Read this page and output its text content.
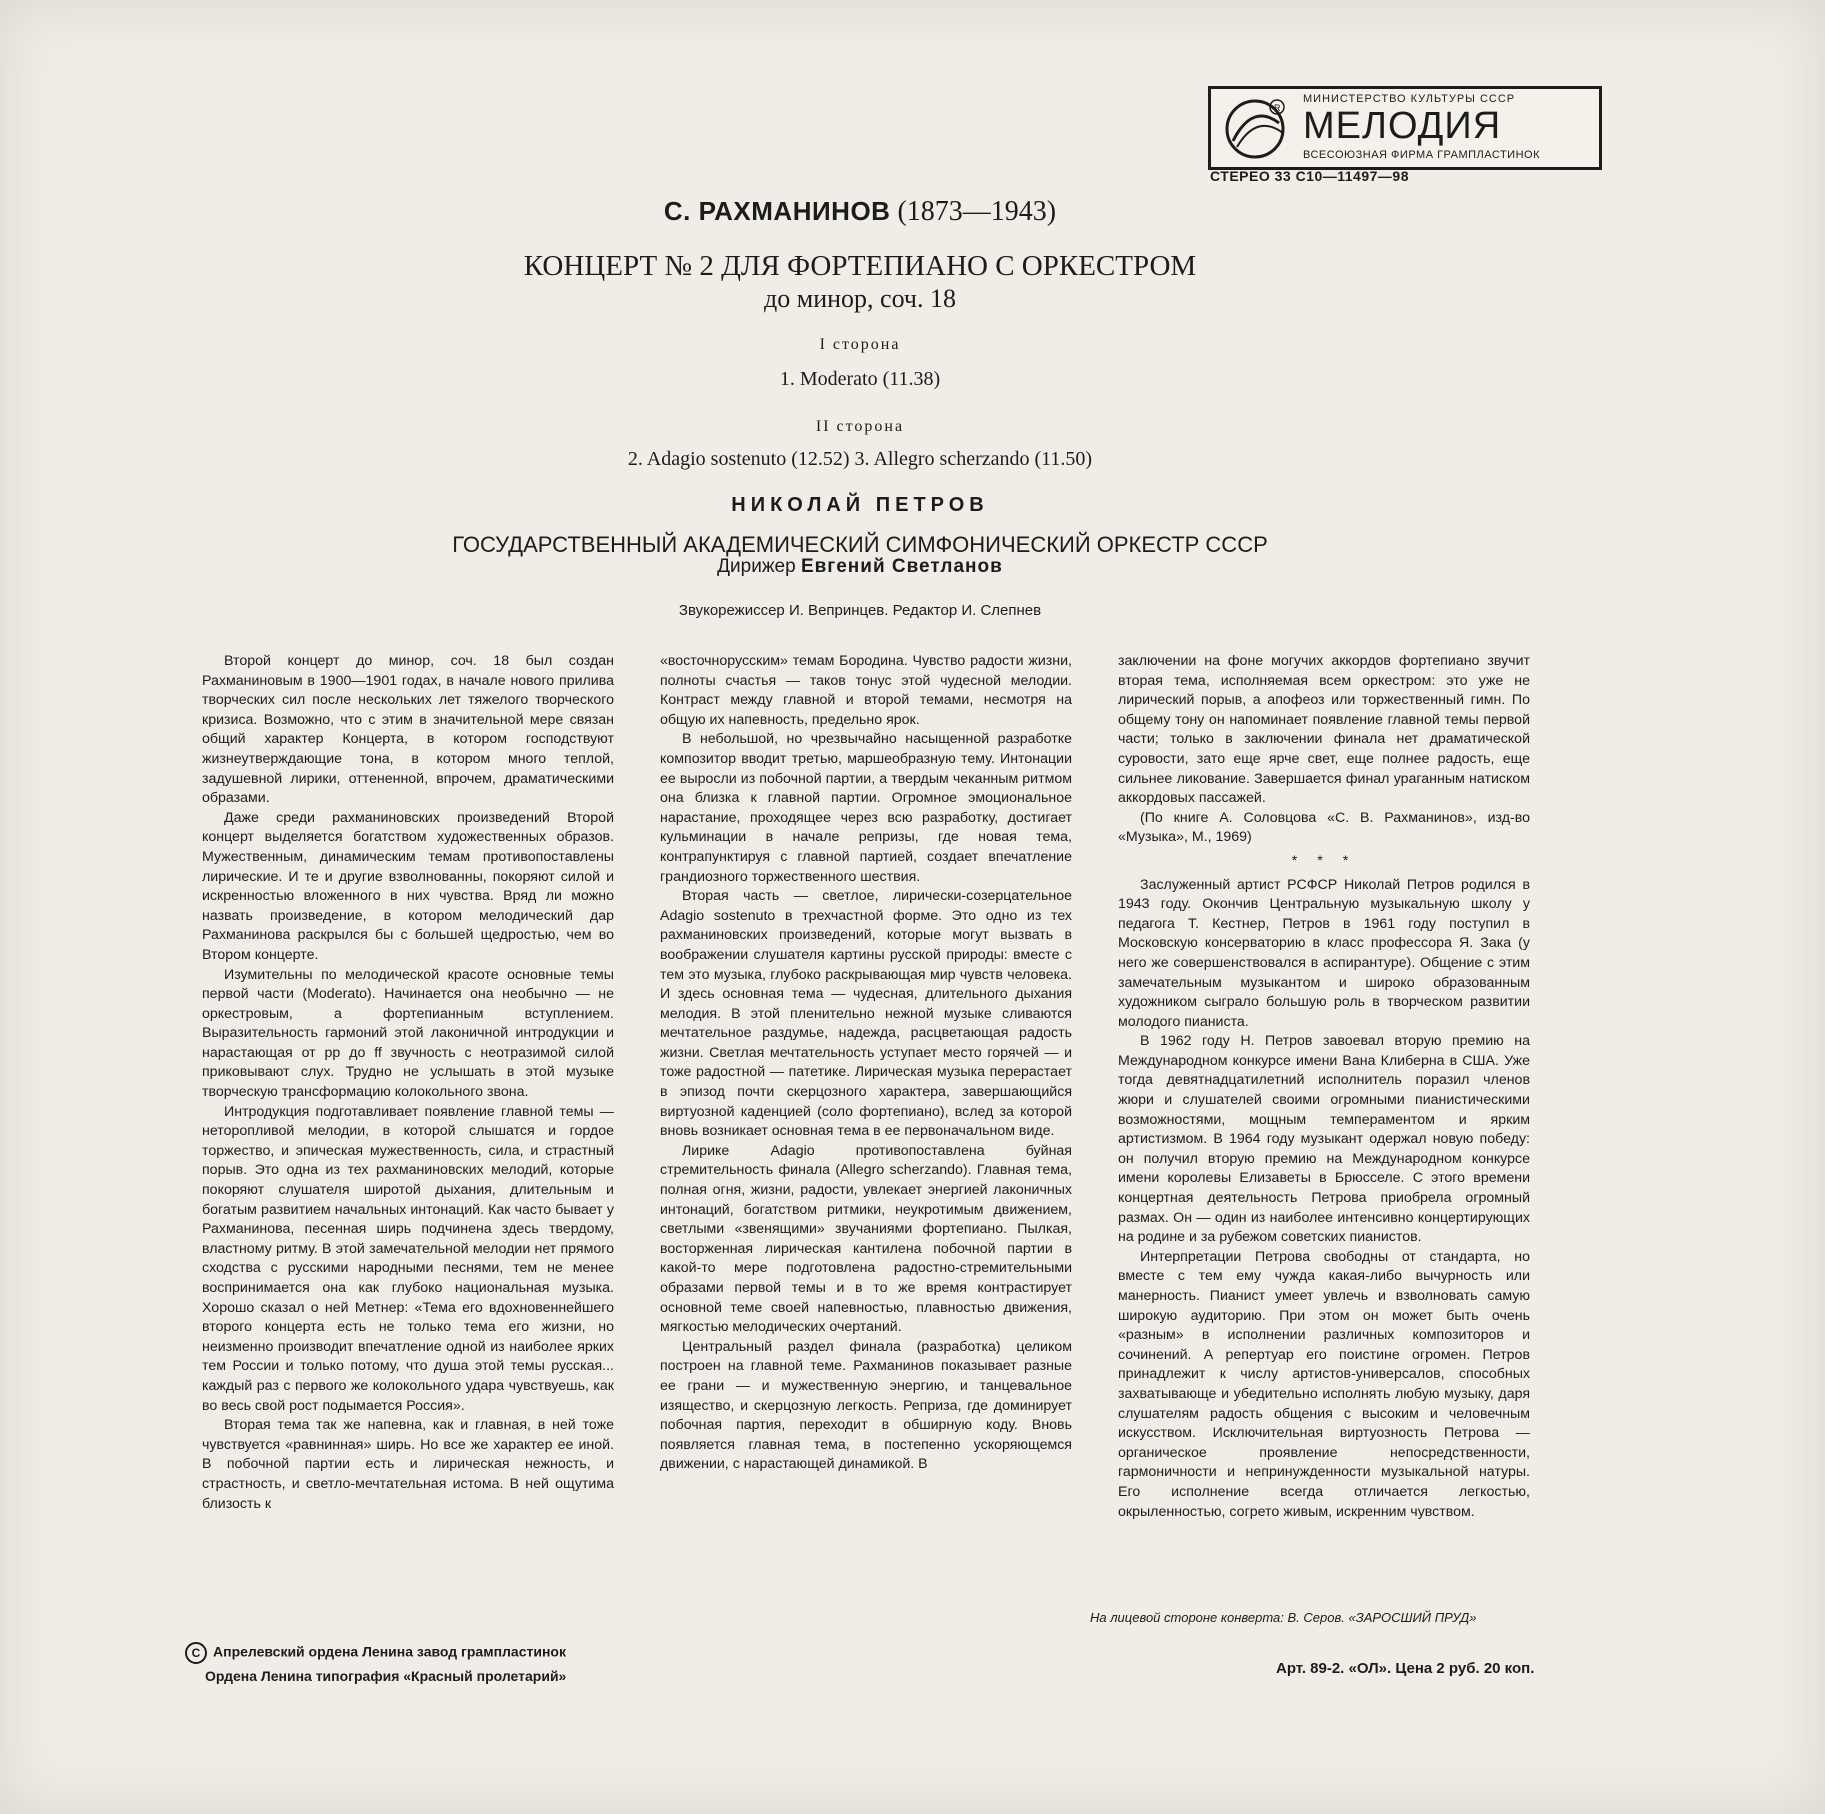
R
МИНИСТЕРСТВО КУЛЬТУРЫ СССР
МЕЛОДИЯ
ВСЕСОЮЗНАЯ ФИРМА ГРАМПЛАСТИНОК
СТЕРЕО 33 С10—11497—98
С. РАХМАНИНОВ (1873—1943)
КОНЦЕРТ № 2 ДЛЯ ФОРТЕПИАНО С ОРКЕСТРОМ
до минор, соч. 18
I сторона
1. Moderato (11.38)
II сторона
2. Adagio sostenuto (12.52) 3. Allegro scherzando (11.50)
НИКОЛАЙ ПЕТРОВ
ГОСУДАРСТВЕННЫЙ АКАДЕМИЧЕСКИЙ СИМФОНИЧЕСКИЙ ОРКЕСТР СССР
Дирижер Евгений Светланов
Звукорежиссер И. Вепринцев. Редактор И. Слепнев

Второй концерт до минор, соч. 18 был создан Рахманиновым в 1900—1901 годах, в начале нового прилива творческих сил после нескольких лет тяжелого творческого кризиса. Возможно, что с этим в значительной мере связан общий характер Концерта, в котором господствуют жизнеутверждающие тона, в котором много теплой, задушевной лирики, оттененной, впрочем, драматическими образами.

Даже среди рахманиновских произведений Второй концерт выделяется богатством художественных образов. Мужественным, динамическим темам противопоставлены лирические. И те и другие взволнованны, покоряют силой и искренностью вложенного в них чувства. Вряд ли можно назвать произведение, в котором мелодический дар Рахманинова раскрылся бы с большей щедростью, чем во Втором концерте.

Изумительны по мелодической красоте основные темы первой части (Moderato). Начинается она необычно — не оркестровым, а фортепианным вступлением. Выразительность гармоний этой лаконичной интродукции и нарастающая от pp до ff звучность с неотразимой силой приковывают слух. Трудно не услышать в этой музыке творческую трансформацию колокольного звона.

Интродукция подготавливает появление главной темы — неторопливой мелодии, в которой слышатся и гордое торжество, и эпическая мужественность, сила, и страстный порыв. Это одна из тех рахманиновских мелодий, которые покоряют слушателя широтой дыхания, длительным и богатым развитием начальных интонаций. Как часто бывает у Рахманинова, песенная ширь подчинена здесь твердому, властному ритму. В этой замечательной мелодии нет прямого сходства с русскими народными песнями, тем не менее воспринимается она как глубоко национальная музыка. Хорошо сказал о ней Метнер: «Тема его вдохновеннейшего второго концерта есть не только тема его жизни, но неизменно производит впечатление одной из наиболее ярких тем России и только потому, что душа этой темы русская... каждый раз с первого же колокольного удара чувствуешь, как во весь свой рост подымается Россия».

Вторая тема так же напевна, как и главная, в ней тоже чувствуется «равнинная» ширь. Но все же характер ее иной. В побочной партии есть и лирическая нежность, и страстность, и светло-мечтательная истома. В ней ощутима близость к

«восточнорусским» темам Бородина. Чувство радости жизни, полноты счастья — таков тонус этой чудесной мелодии. Контраст между главной и второй темами, несмотря на общую их напевность, предельно ярок.

В небольшой, но чрезвычайно насыщенной разработке композитор вводит третью, маршеобразную тему. Интонации ее выросли из побочной партии, а твердым чеканным ритмом она близка к главной партии. Огромное эмоциональное нарастание, проходящее через всю разработку, достигает кульминации в начале репризы, где новая тема, контрапунктируя с главной партией, создает впечатление грандиозного торжественного шествия.

Вторая часть — светлое, лирически-созерцательное Adagio sostenuto в трехчастной форме. Это одно из тех рахманиновских произведений, которые могут вызвать в воображении слушателя картины русской природы: вместе с тем это музыка, глубоко раскрывающая мир чувств человека. И здесь основная тема — чудесная, длительного дыхания мелодия. В этой пленительно нежной музыке сливаются мечтательное раздумье, надежда, расцветающая радость жизни. Светлая мечтательность уступает место горячей — и тоже радостной — патетике. Лирическая музыка перерастает в эпизод почти скерцозного характера, завершающийся виртуозной каденцией (соло фортепиано), вслед за которой вновь возникает основная тема в ее первоначальном виде.

Лирике Adagio противопоставлена буйная стремительность финала (Allegro scherzando). Главная тема, полная огня, жизни, радости, увлекает энергией лаконичных интонаций, богатством ритмики, неукротимым движением, светлыми «звенящими» звучаниями фортепиано. Пылкая, восторженная лирическая кантилена побочной партии в какой-то мере подготовлена радостно-стремительными образами первой темы и в то же время контрастирует основной теме своей напевностью, плавностью движения, мягкостью мелодических очертаний.

Центральный раздел финала (разработка) целиком построен на главной теме. Рахманинов показывает разные ее грани — и мужественную энергию, и танцевальное изящество, и скерцозную легкость. Реприза, где доминирует побочная партия, переходит в обширную коду. Вновь появляется главная тема, в постепенно ускоряющемся движении, с нарастающей динамикой. В

заключении на фоне могучих аккордов фортепиано звучит вторая тема, исполняемая всем оркестром: это уже не лирический порыв, а апофеоз или торжественный гимн. По общему тону он напоминает появление главной темы первой части; только в заключении финала нет драматической суровости, зато еще ярче свет, еще полнее радость, еще сильнее ликование. Завершается финал ураганным натиском аккордовых пассажей.

(По книге А. Соловцова «С. В. Рахманинов», изд-во «Музыка», М., 1969)

* * *

Заслуженный артист РСФСР Николай Петров родился в 1943 году. Окончив Центральную музыкальную школу у педагога Т. Кестнер, Петров в 1961 году поступил в Московскую консерваторию в класс профессора Я. Зака (у него же совершенствовался в аспирантуре). Общение с этим замечательным музыкантом и широко образованным художником сыграло большую роль в творческом развитии молодого пианиста.

В 1962 году Н. Петров завоевал вторую премию на Международном конкурсе имени Вана Клиберна в США. Уже тогда девятнадцатилетний исполнитель поразил членов жюри и слушателей своими огромными пианистическими возможностями, мощным темпераментом и ярким артистизмом. В 1964 году музыкант одержал новую победу: он получил вторую премию на Международном конкурсе имени королевы Елизаветы в Брюсселе. С этого времени концертная деятельность Петрова приобрела огромный размах. Он — один из наиболее интенсивно концертирующих на родине и за рубежом советских пианистов.

Интерпретации Петрова свободны от стандарта, но вместе с тем ему чужда какая-либо вычурность или манерность. Пианист умеет увлечь и взволновать самую широкую аудиторию. При этом он может быть очень «разным» в исполнении различных композиторов и сочинений. А репертуар его поистине огромен. Петров принадлежит к числу артистов-универсалов, способных захватывающе и убедительно исполнять любую музыку, даря слушателям радость общения с высоким и человечным искусством. Исключительная виртуозность Петрова — органическое проявление непосредственности, гармоничности и непринужденности музыкальной натуры. Его исполнение всегда отличается легкостью, окрыленностью, согрето живым, искренним чувством.

На лицевой стороне конверта: В. Серов. «ЗАРОСШИЙ ПРУД»
С Апрелевский ордена Ленина завод грампластинок
Ордена Ленина типография «Красный пролетарий»	Арт. 89-2. «ОЛ». Цена 2 руб. 20 коп.
